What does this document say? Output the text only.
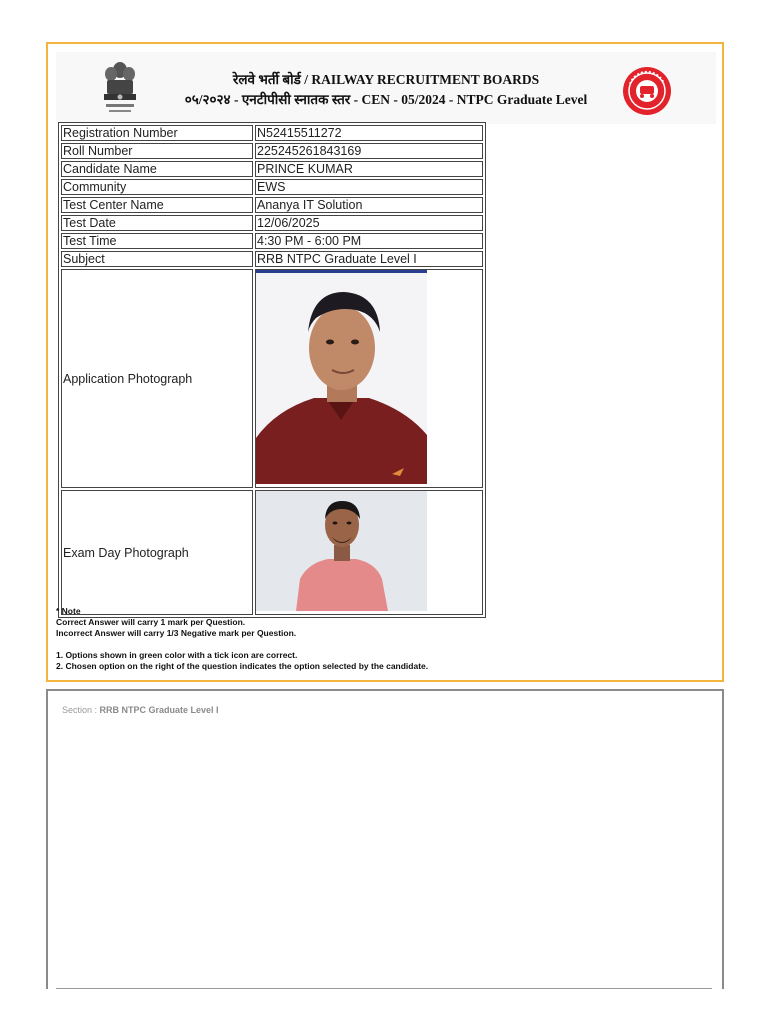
रेलवे भर्ती बोर्ड / RAILWAY RECRUITMENT BOARDS
०५/२०२४ - एनटीपीसी स्नातक स्तर - CEN - 05/2024 - NTPC Graduate Level
Registration Number	N52415511272
Roll Number	225245261843169
Candidate Name	PRINCE KUMAR
Community	EWS
Test Center Name	Ananya IT Solution
Test Date	12/06/2025
Test Time	4:30 PM - 6:00 PM
Subject	RRB NTPC Graduate Level I
Application Photograph	
Exam Day Photograph	

* Note

Correct Answer will carry 1 mark per Question.

Incorrect Answer will carry 1/3 Negative mark per Question.

1. Options shown in green color with a tick icon are correct.

2. Chosen option on the right of the question indicates the option selected by the candidate.

Section : RRB NTPC Graduate Level I
